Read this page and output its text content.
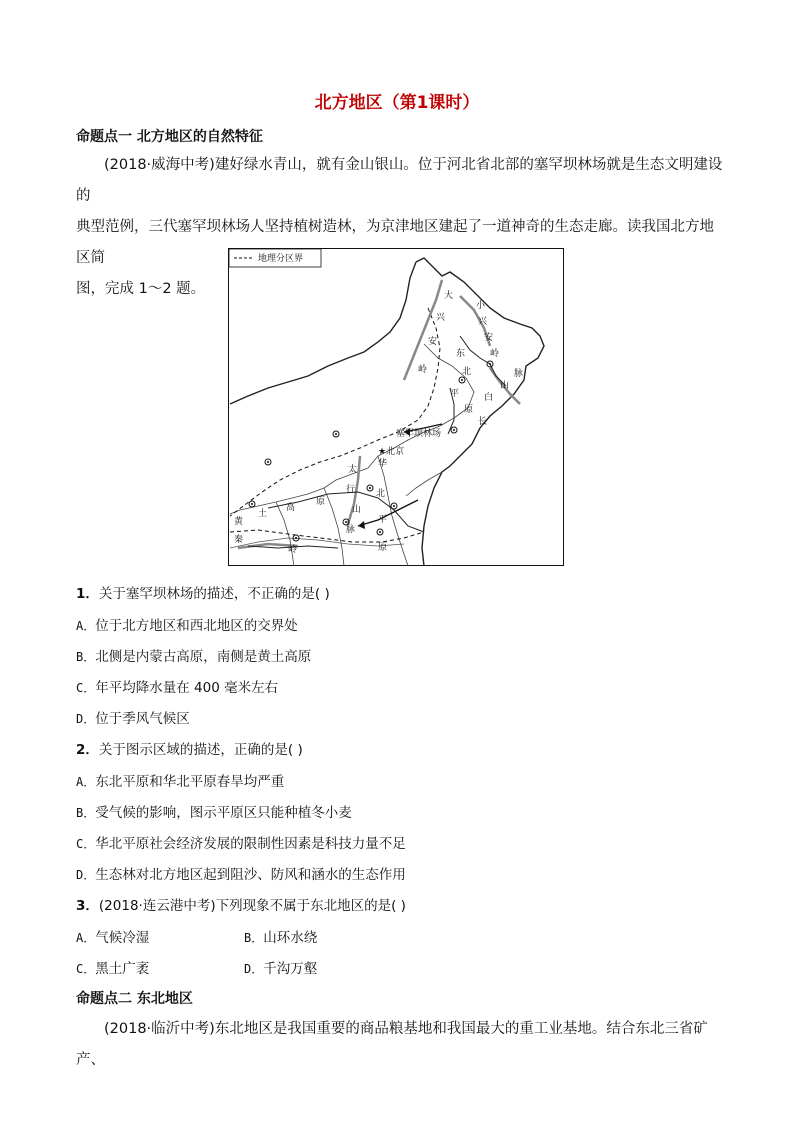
北方地区（第1课时）
命题点一 北方地区的自然特征
(2018·威海中考)建好绿水青山，就有金山银山。位于河北省北部的塞罕坝林场就是生态文明建设的
典型范例，三代塞罕坝林场人坚持植树造林，为京津地区建起了一道神奇的生态走廊。读我国北方地区简
图，完成 1～2 题。
地理分区界
大
兴
安
岭
小
兴
安
岭
东
北
平
原
长
白
山
脉
塞罕坝林场
★北京
太
行
山
脉
华
北
平
原
黄
土
高
原
秦
岭
1．关于塞罕坝林场的描述，不正确的是( )
A．位于北方地区和西北地区的交界处
B．北侧是内蒙古高原，南侧是黄土高原
C．年平均降水量在 400 毫米左右
D．位于季风气候区
2．关于图示区域的描述，正确的是( )
A．东北平原和华北平原春旱均严重
B．受气候的影响，图示平原区只能种植冬小麦
C．华北平原社会经济发展的限制性因素是科技力量不足
D．生态林对北方地区起到阻沙、防风和涵水的生态作用
3．(2018·连云港中考)下列现象不属于东北地区的是( )
A．气候冷湿	B．山环水绕
C．黑土广袤	D．千沟万壑
命题点二 东北地区
(2018·临沂中考)东北地区是我国重要的商品粮基地和我国最大的重工业基地。结合东北三省矿产、
